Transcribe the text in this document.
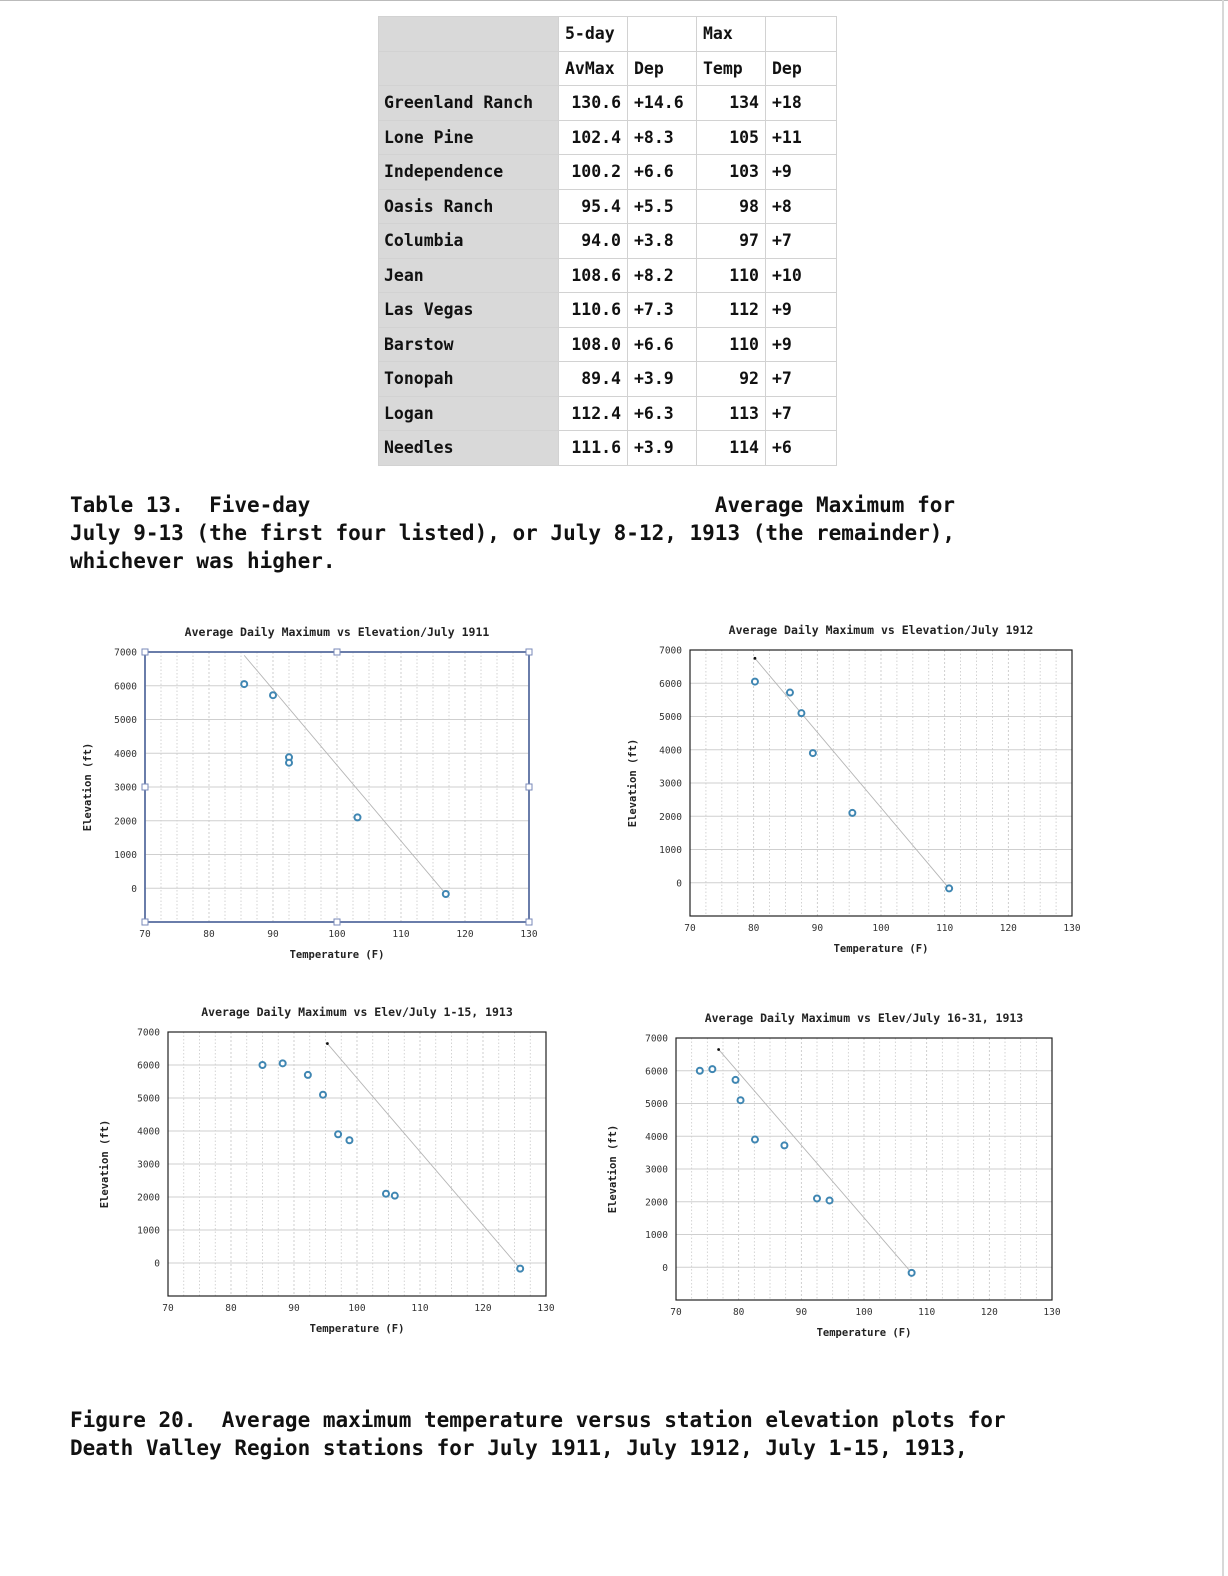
	5-day		Max	
	AvMax	Dep	Temp	Dep
Greenland Ranch	130.6	+14.6	134	+18
Lone Pine	102.4	+8.3	105	+11
Independence	100.2	+6.6	103	+9
Oasis Ranch	95.4	+5.5	98	+8
Columbia	94.0	+3.8	97	+7
Jean	108.6	+8.2	110	+10
Las Vegas	110.6	+7.3	112	+9
Barstow	108.0	+6.6	110	+9
Tonopah	89.4	+3.9	92	+7
Logan	112.4	+6.3	113	+7
Needles	111.6	+3.9	114	+6

Table 13.  Five-day                                Average Maximum for
July 9-13 (the first four listed), or July 8-12, 1913 (the remainder),
whichever was higher.

70	80	90	100	110	120	130
0
1000
2000
3000
4000
5000
6000
7000
Average Daily Maximum vs Elevation/July 1911
Temperature (F)
Elevation (ft)
70	80	90	100	110	120	130
0
1000
2000
3000
4000
5000
6000
7000
Average Daily Maximum vs Elevation/July 1912
Temperature (F)
Elevation (ft)
70	80	90	100	110	120	130
0
1000
2000
3000
4000
5000
6000
7000
Average Daily Maximum vs Elev/July 1-15, 1913
Temperature (F)
Elevation (ft)
70	80	90	100	110	120	130
0
1000
2000
3000
4000
5000
6000
7000
Average Daily Maximum vs Elev/July 16-31, 1913
Temperature (F)
Elevation (ft)

Figure 20.  Average maximum temperature versus station elevation plots for
Death Valley Region stations for July 1911, July 1912, July 1-15, 1913,
